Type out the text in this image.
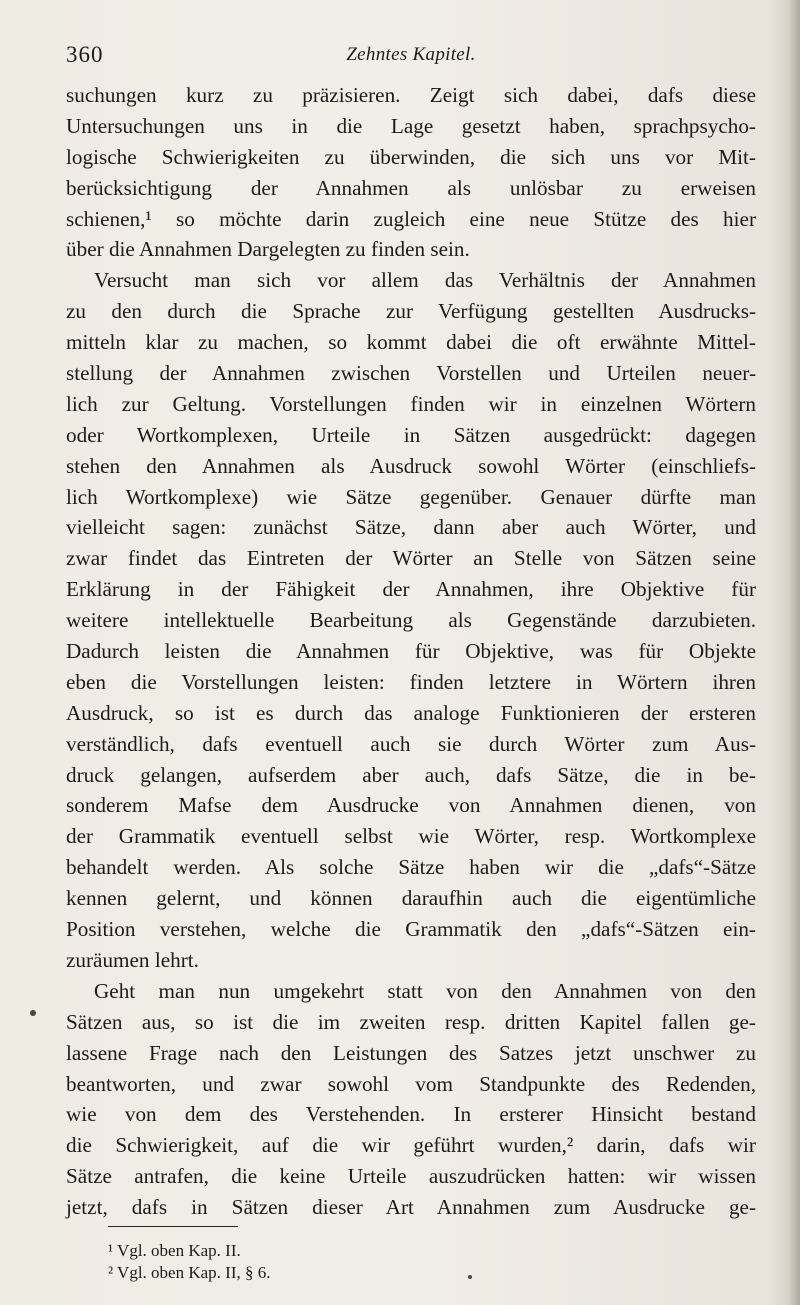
360	Zehntes Kapitel.
suchungen kurz zu präzisieren. Zeigt sich dabei, dafs diese
Untersuchungen uns in die Lage gesetzt haben, sprachpsycho-
logische Schwierigkeiten zu überwinden, die sich uns vor Mit-
berücksichtigung der Annahmen als unlösbar zu erweisen
schienen,¹ so möchte darin zugleich eine neue Stütze des hier
über die Annahmen Dargelegten zu finden sein.
Versucht man sich vor allem das Verhältnis der Annahmen
zu den durch die Sprache zur Verfügung gestellten Ausdrucks-
mitteln klar zu machen, so kommt dabei die oft erwähnte Mittel-
stellung der Annahmen zwischen Vorstellen und Urteilen neuer-
lich zur Geltung. Vorstellungen finden wir in einzelnen Wörtern
oder Wortkomplexen, Urteile in Sätzen ausgedrückt: dagegen
stehen den Annahmen als Ausdruck sowohl Wörter (einschliefs-
lich Wortkomplexe) wie Sätze gegenüber. Genauer dürfte man
vielleicht sagen: zunächst Sätze, dann aber auch Wörter, und
zwar findet das Eintreten der Wörter an Stelle von Sätzen seine
Erklärung in der Fähigkeit der Annahmen, ihre Objektive für
weitere intellektuelle Bearbeitung als Gegenstände darzubieten.
Dadurch leisten die Annahmen für Objektive, was für Objekte
eben die Vorstellungen leisten: finden letztere in Wörtern ihren
Ausdruck, so ist es durch das analoge Funktionieren der ersteren
verständlich, dafs eventuell auch sie durch Wörter zum Aus-
druck gelangen, aufserdem aber auch, dafs Sätze, die in be-
sonderem Mafse dem Ausdrucke von Annahmen dienen, von
der Grammatik eventuell selbst wie Wörter, resp. Wortkomplexe
behandelt werden. Als solche Sätze haben wir die „dafs“-Sätze
kennen gelernt, und können daraufhin auch die eigentümliche
Position verstehen, welche die Grammatik den „dafs“-Sätzen ein-
zuräumen lehrt.
Geht man nun umgekehrt statt von den Annahmen von den
Sätzen aus, so ist die im zweiten resp. dritten Kapitel fallen ge-
lassene Frage nach den Leistungen des Satzes jetzt unschwer zu
beantworten, und zwar sowohl vom Standpunkte des Redenden,
wie von dem des Verstehenden. In ersterer Hinsicht bestand
die Schwierigkeit, auf die wir geführt wurden,² darin, dafs wir
Sätze antrafen, die keine Urteile auszudrücken hatten: wir wissen
jetzt, dafs in Sätzen dieser Art Annahmen zum Ausdrucke ge-
¹ Vgl. oben Kap. II.
² Vgl. oben Kap. II, § 6.
